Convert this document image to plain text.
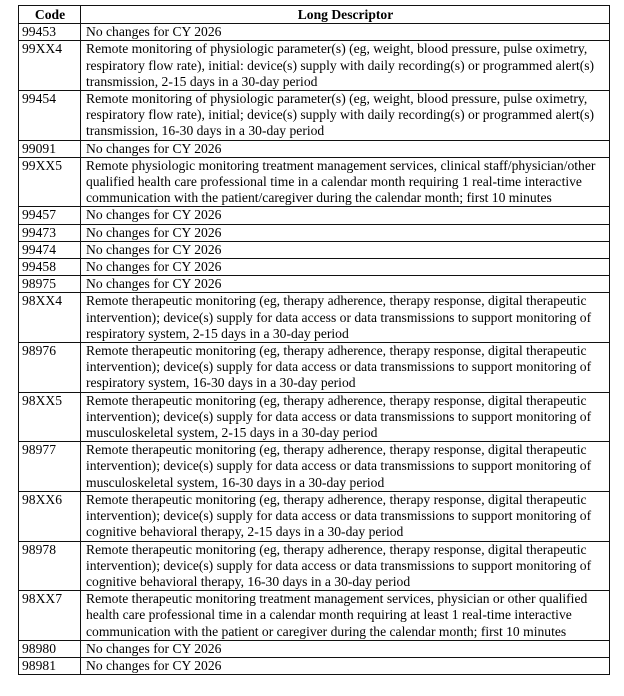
Code	Long Descriptor
99453	No changes for CY 2026
99XX4	Remote monitoring of physiologic parameter(s) (eg, weight, blood pressure, pulse oximetry, respiratory flow rate), initial: device(s) supply with daily recording(s) or programmed alert(s) transmission, 2-15 days in a 30-day period
99454	Remote monitoring of physiologic parameter(s) (eg, weight, blood pressure, pulse oximetry, respiratory flow rate), initial; device(s) supply with daily recording(s) or programmed alert(s) transmission, 16-30 days in a 30-day period
99091	No changes for CY 2026
99XX5	Remote physiologic monitoring treatment management services, clinical staff/physician/other qualified health care professional time in a calendar month requiring 1 real-time interactive communication with the patient/caregiver during the calendar month; first 10 minutes
99457	No changes for CY 2026
99473	No changes for CY 2026
99474	No changes for CY 2026
99458	No changes for CY 2026
98975	No changes for CY 2026
98XX4	Remote therapeutic monitoring (eg, therapy adherence, therapy response, digital therapeutic intervention); device(s) supply for data access or data transmissions to support monitoring of respiratory system, 2-15 days in a 30-day period
98976	Remote therapeutic monitoring (eg, therapy adherence, therapy response, digital therapeutic intervention); device(s) supply for data access or data transmissions to support monitoring of respiratory system, 16-30 days in a 30-day period
98XX5	Remote therapeutic monitoring (eg, therapy adherence, therapy response, digital therapeutic intervention); device(s) supply for data access or data transmissions to support monitoring of musculoskeletal system, 2-15 days in a 30-day period
98977	Remote therapeutic monitoring (eg, therapy adherence, therapy response, digital therapeutic intervention); device(s) supply for data access or data transmissions to support monitoring of musculoskeletal system, 16-30 days in a 30-day period
98XX6	Remote therapeutic monitoring (eg, therapy adherence, therapy response, digital therapeutic intervention); device(s) supply for data access or data transmissions to support monitoring of cognitive behavioral therapy, 2-15 days in a 30-day period
98978	Remote therapeutic monitoring (eg, therapy adherence, therapy response, digital therapeutic intervention); device(s) supply for data access or data transmissions to support monitoring of cognitive behavioral therapy, 16-30 days in a 30-day period
98XX7	Remote therapeutic monitoring treatment management services, physician or other qualified health care professional time in a calendar month requiring at least 1 real-time interactive communication with the patient or caregiver during the calendar month; first 10 minutes
98980	No changes for CY 2026
98981	No changes for CY 2026
